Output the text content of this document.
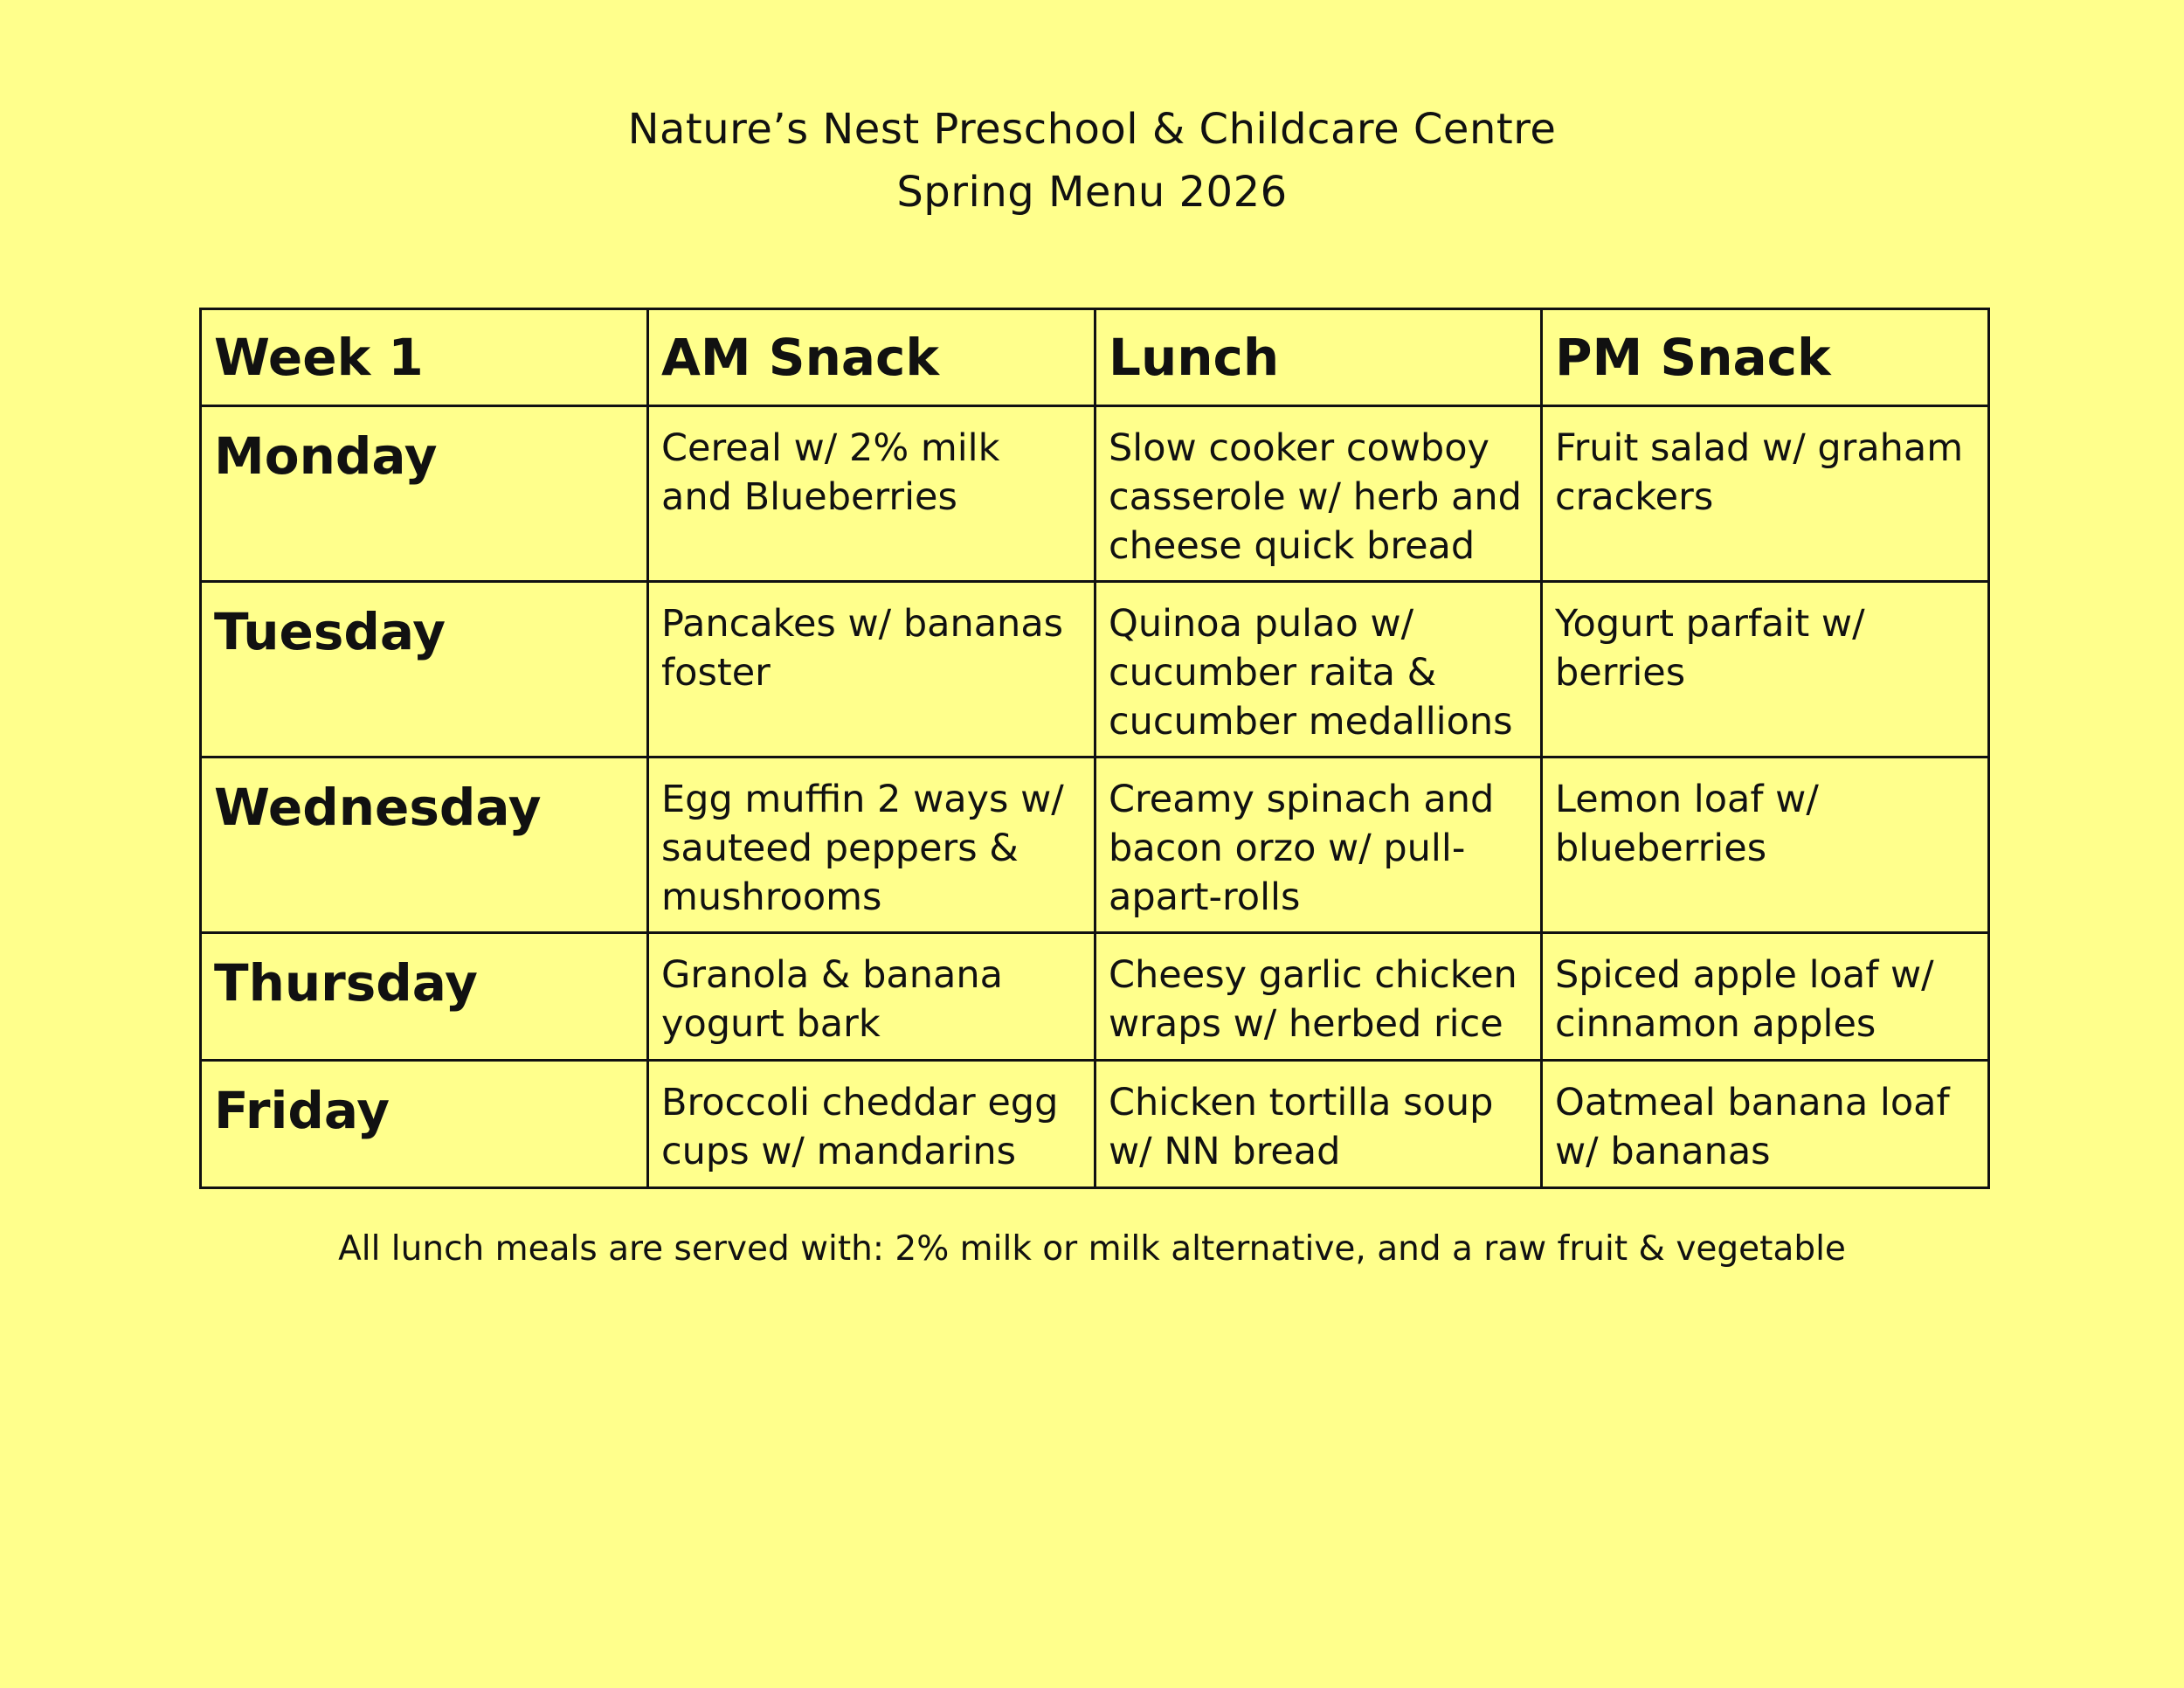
Nature’s Nest Preschool & Childcare Centre
Spring Menu 2026
Week 1	AM Snack	Lunch	PM Snack
Monday	Cereal w/ 2% milk and Blueberries	Slow cooker cowboy casserole w/ herb and cheese quick bread	Fruit salad w/ graham crackers
Tuesday	Pancakes w/ bananas foster	Quinoa pulao w/ cucumber raita & cucumber medallions	Yogurt parfait w/ berries
Wednesday	Egg muffin 2 ways w/ sauteed peppers & mushrooms	Creamy spinach and bacon orzo w/ pull-apart-rolls	Lemon loaf w/ blueberries
Thursday	Granola & banana yogurt bark	Cheesy garlic chicken wraps w/ herbed rice	Spiced apple loaf w/ cinnamon apples
Friday	Broccoli cheddar egg cups w/ mandarins	Chicken tortilla soup w/ NN bread	Oatmeal banana loaf w/ bananas
All lunch meals are served with: 2% milk or milk alternative, and a raw fruit & vegetable
